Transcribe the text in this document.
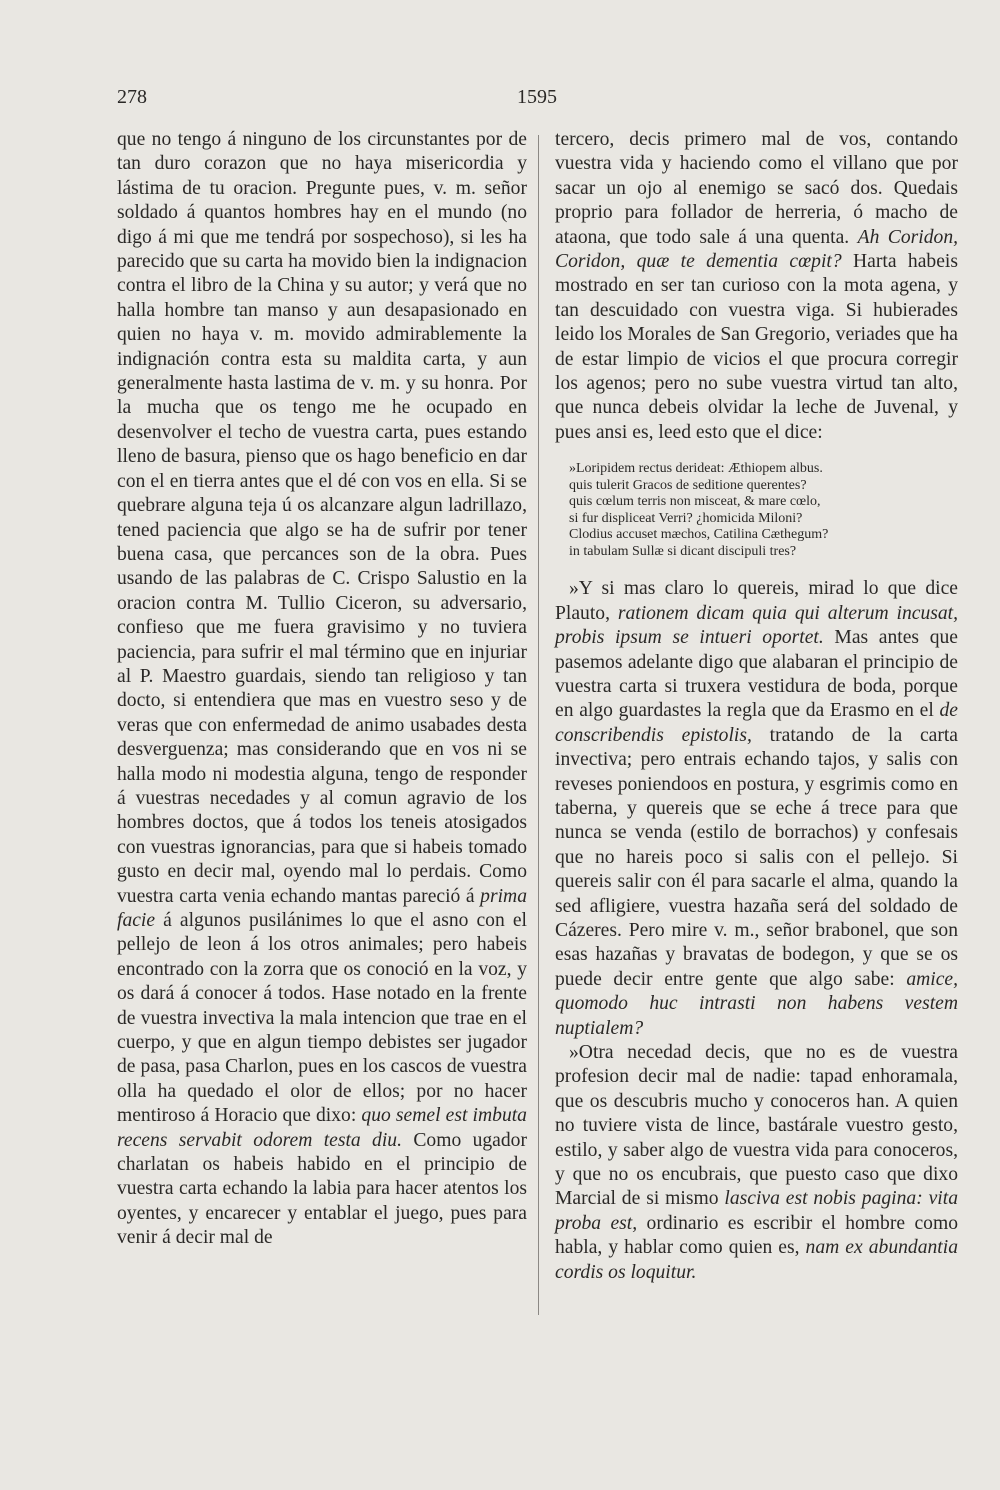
278	1595

que no tengo á ninguno de los circunstantes por de tan duro corazon que no haya misericordia y lástima de tu oracion. Pregunte pues, v. m. señor soldado á quantos hombres hay en el mundo (no digo á mi que me tendrá por sospechoso), si les ha parecido que su carta ha movido bien la indignacion contra el libro de la China y su autor; y verá que no halla hombre tan manso y aun desapasionado en quien no haya v. m. movido admirablemente la indignación contra esta su maldita carta, y aun generalmente hasta lastima de v. m. y su honra. Por la mucha que os tengo me he ocupado en desenvolver el techo de vuestra carta, pues estando lleno de basura, pienso que os hago beneficio en dar con el en tierra antes que el dé con vos en ella. Si se quebrare alguna teja ú os alcanzare algun ladrillazo, tened paciencia que algo se ha de sufrir por tener buena casa, que percances son de la obra. Pues usando de las palabras de C. Crispo Salustio en la oracion contra M. Tullio Ciceron, su adversario, confieso que me fuera gravisimo y no tuviera paciencia, para sufrir el mal término que en injuriar al P. Maestro guardais, siendo tan religioso y tan docto, si entendiera que mas en vuestro seso y de veras que con enfermedad de animo usabades desta desverguenza; mas considerando que en vos ni se halla modo ni modestia alguna, tengo de responder á vuestras necedades y al comun agravio de los hombres doctos, que á todos los teneis atosigados con vuestras ignorancias, para que si habeis tomado gusto en decir mal, oyendo mal lo perdais. Como vuestra carta venia echando mantas pareció á prima facie á algunos pusilánimes lo que el asno con el pellejo de leon á los otros animales; pero habeis encontrado con la zorra que os conoció en la voz, y os dará á conocer á todos. Hase notado en la frente de vuestra invectiva la mala intencion que trae en el cuerpo, y que en algun tiempo debistes ser jugador de pasa, pasa Charlon, pues en los cascos de vuestra olla ha quedado el olor de ellos; por no hacer mentiroso á Horacio que dixo: quo semel est imbuta recens servabit odorem testa diu. Como ugador charlatan os habeis habido en el principio de vuestra carta echando la labia para hacer atentos los oyentes, y encarecer y entablar el juego, pues para venir á decir mal de

tercero, decis primero mal de vos, contando vuestra vida y haciendo como el villano que por sacar un ojo al enemigo se sacó dos. Quedais proprio para follador de herreria, ó macho de ataona, que todo sale á una quenta. Ah Coridon, Coridon, quæ te dementia cœpit? Harta habeis mostrado en ser tan curioso con la mota agena, y tan descuidado con vuestra viga. Si hubierades leido los Morales de San Gregorio, veriades que ha de estar limpio de vicios el que procura corregir los agenos; pero no sube vuestra virtud tan alto, que nunca debeis olvidar la leche de Juvenal, y pues ansi es, leed esto que el dice:

»Loripidem rectus derideat: Æthiopem albus.
quis tulerit Gracos de seditione querentes?
quis cœlum terris non misceat, & mare cœlo,
si fur displiceat Verri? ¿homicida Miloni?
Clodius accuset mæchos, Catilina Cæthegum?
in tabulam Sullæ si dicant discipuli tres?

»Y si mas claro lo quereis, mirad lo que dice Plauto, rationem dicam quia qui alterum incusat, probis ipsum se intueri oportet. Mas antes que pasemos adelante digo que alabaran el principio de vuestra carta si truxera vestidura de boda, porque en algo guardastes la regla que da Erasmo en el de conscribendis epistolis, tratando de la carta invectiva; pero entrais echando tajos, y salis con reveses poniendoos en postura, y esgrimis como en taberna, y quereis que se eche á trece para que nunca se venda (estilo de borrachos) y confesais que no hareis poco si salis con el pellejo. Si quereis salir con él para sacarle el alma, quando la sed afligiere, vuestra hazaña será del soldado de Cázeres. Pero mire v. m., señor brabonel, que son esas hazañas y bravatas de bodegon, y que se os puede decir entre gente que algo sabe: amice, quomodo huc intrasti non habens vestem nuptialem?

»Otra necedad decis, que no es de vuestra profesion decir mal de nadie: tapad enhoramala, que os descubris mucho y conoceros han. A quien no tuviere vista de lince, bastárale vuestro gesto, estilo, y saber algo de vuestra vida para conoceros, y que no os encubrais, que puesto caso que dixo Marcial de si mismo lasciva est nobis pagina: vita proba est, ordinario es escribir el hombre como habla, y hablar como quien es, nam ex abundantia cordis os loquitur.
